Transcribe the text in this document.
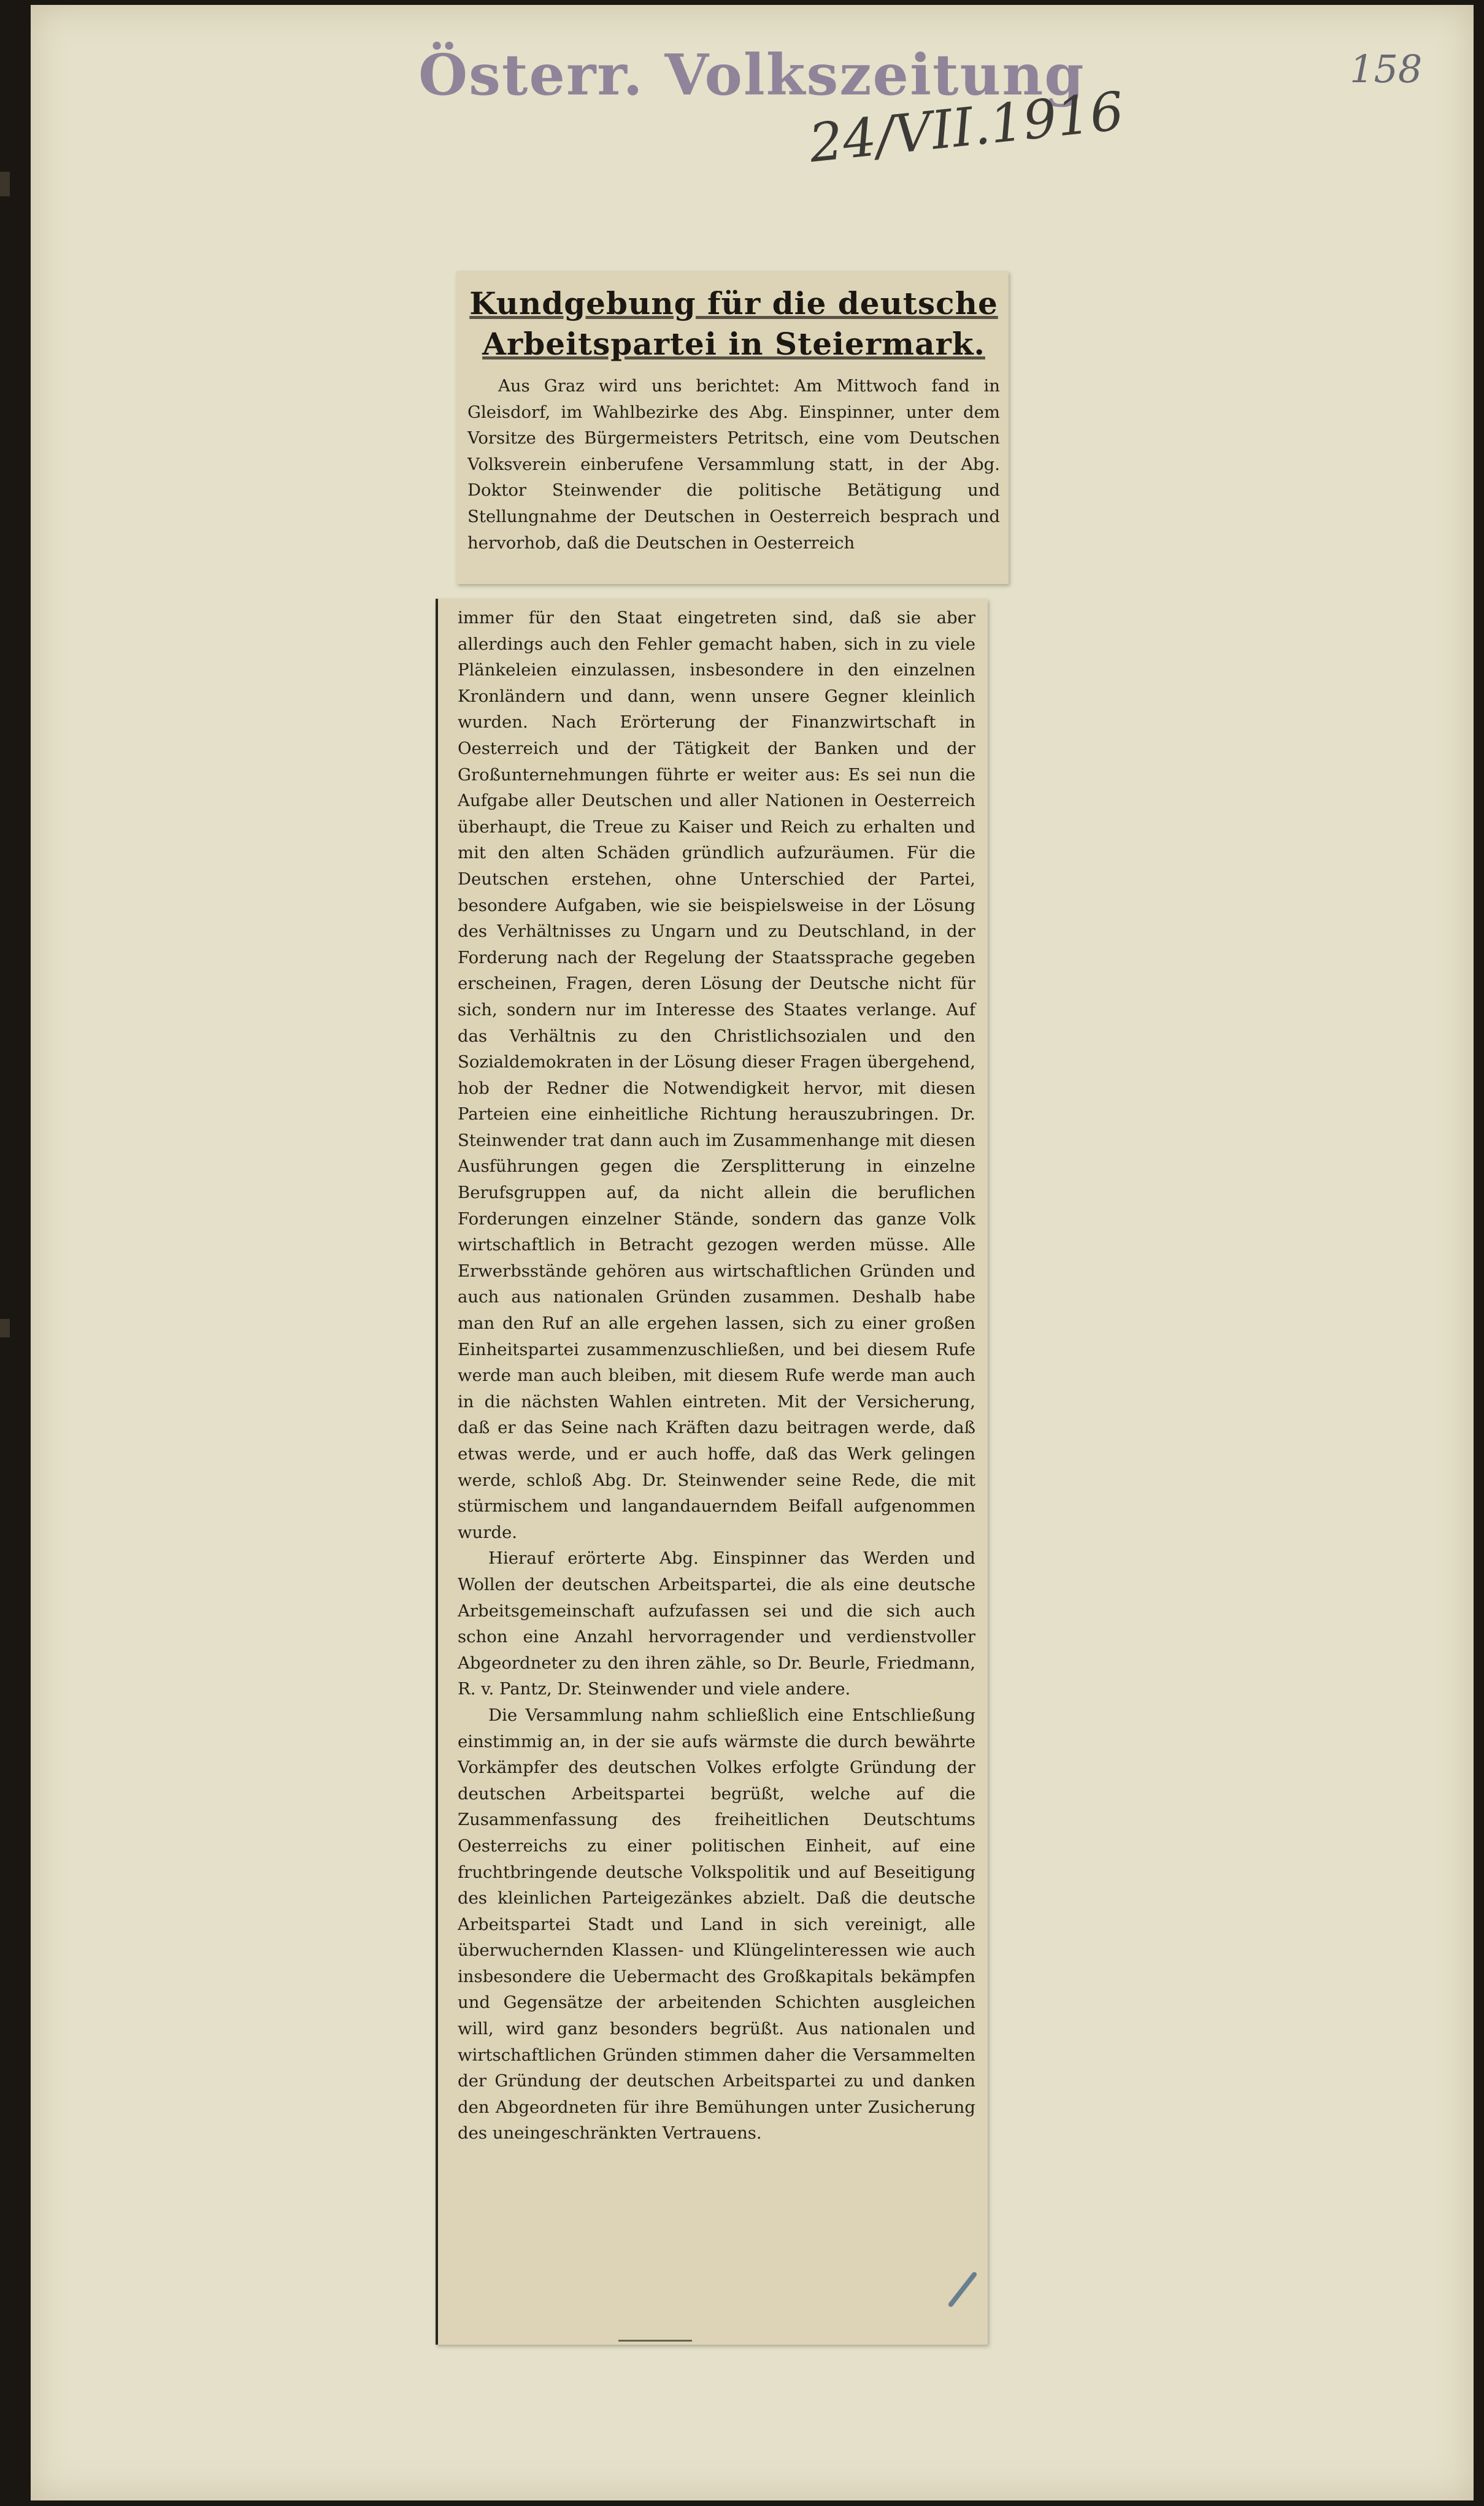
Österr. Volkszeitung
24/VII.1916
158
Kundgebung für die deutsche Arbeitspartei in Steiermark.

Aus Graz wird uns berichtet: Am Mittwoch fand in Gleisdorf, im Wahlbezirke des Abg. Einspinner, unter dem Vorsitze des Bürgermeisters Petritsch, eine vom Deutschen Volksverein einberufene Versammlung statt, in der Abg. Doktor Steinwender die politische Betätigung und Stellungnahme der Deutschen in Oesterreich besprach und hervorhob, daß die Deutschen in Oesterreich

immer für den Staat eingetreten sind, daß sie aber allerdings auch den Fehler gemacht haben, sich in zu viele Plänkeleien einzulassen, insbesondere in den einzelnen Kronländern und dann, wenn unsere Gegner kleinlich wurden. Nach Erörterung der Finanzwirtschaft in Oesterreich und der Tätigkeit der Banken und der Großunternehmungen führte er weiter aus: Es sei nun die Aufgabe aller Deutschen und aller Nationen in Oesterreich überhaupt, die Treue zu Kaiser und Reich zu erhalten und mit den alten Schäden gründlich aufzuräumen. Für die Deutschen erstehen, ohne Unterschied der Partei, besondere Aufgaben, wie sie beispielsweise in der Lösung des Verhältnisses zu Ungarn und zu Deutschland, in der Forderung nach der Regelung der Staatssprache gegeben erscheinen, Fragen, deren Lösung der Deutsche nicht für sich, sondern nur im Interesse des Staates verlange. Auf das Verhältnis zu den Christlichsozialen und den Sozialdemokraten in der Lösung dieser Fragen übergehend, hob der Redner die Notwendigkeit hervor, mit diesen Parteien eine einheitliche Richtung herauszubringen. Dr. Steinwender trat dann auch im Zusammenhange mit diesen Ausführungen gegen die Zersplitterung in einzelne Berufsgruppen auf, da nicht allein die beruflichen Forderungen einzelner Stände, sondern das ganze Volk wirtschaftlich in Betracht gezogen werden müsse. Alle Erwerbsstände gehören aus wirtschaftlichen Gründen und auch aus nationalen Gründen zusammen. Deshalb habe man den Ruf an alle ergehen lassen, sich zu einer großen Einheitspartei zusammenzuschließen, und bei diesem Rufe werde man auch bleiben, mit diesem Rufe werde man auch in die nächsten Wahlen eintreten. Mit der Versicherung, daß er das Seine nach Kräften dazu beitragen werde, daß etwas werde, und er auch hoffe, daß das Werk gelingen werde, schloß Abg. Dr. Steinwender seine Rede, die mit stürmischem und langandauerndem Beifall aufgenommen wurde.

Hierauf erörterte Abg. Einspinner das Werden und Wollen der deutschen Arbeitspartei, die als eine deutsche Arbeitsgemeinschaft aufzufassen sei und die sich auch schon eine Anzahl hervorragender und verdienstvoller Abgeordneter zu den ihren zähle, so Dr. Beurle, Friedmann, R. v. Pantz, Dr. Steinwender und viele andere.

Die Versammlung nahm schließlich eine Entschließung einstimmig an, in der sie aufs wärmste die durch bewährte Vorkämpfer des deutschen Volkes erfolgte Gründung der deutschen Arbeitspartei begrüßt, welche auf die Zusammenfassung des freiheitlichen Deutschtums Oesterreichs zu einer politischen Einheit, auf eine fruchtbringende deutsche Volkspolitik und auf Beseitigung des kleinlichen Parteigezänkes abzielt. Daß die deutsche Arbeitspartei Stadt und Land in sich vereinigt, alle überwuchernden Klassen- und Klüngelinteressen wie auch insbesondere die Uebermacht des Großkapitals bekämpfen und Gegensätze der arbeitenden Schichten ausgleichen will, wird ganz besonders begrüßt. Aus nationalen und wirtschaftlichen Gründen stimmen daher die Versammelten der Gründung der deutschen Arbeitspartei zu und danken den Abgeordneten für ihre Bemühungen unter Zusicherung des uneingeschränkten Vertrauens.
